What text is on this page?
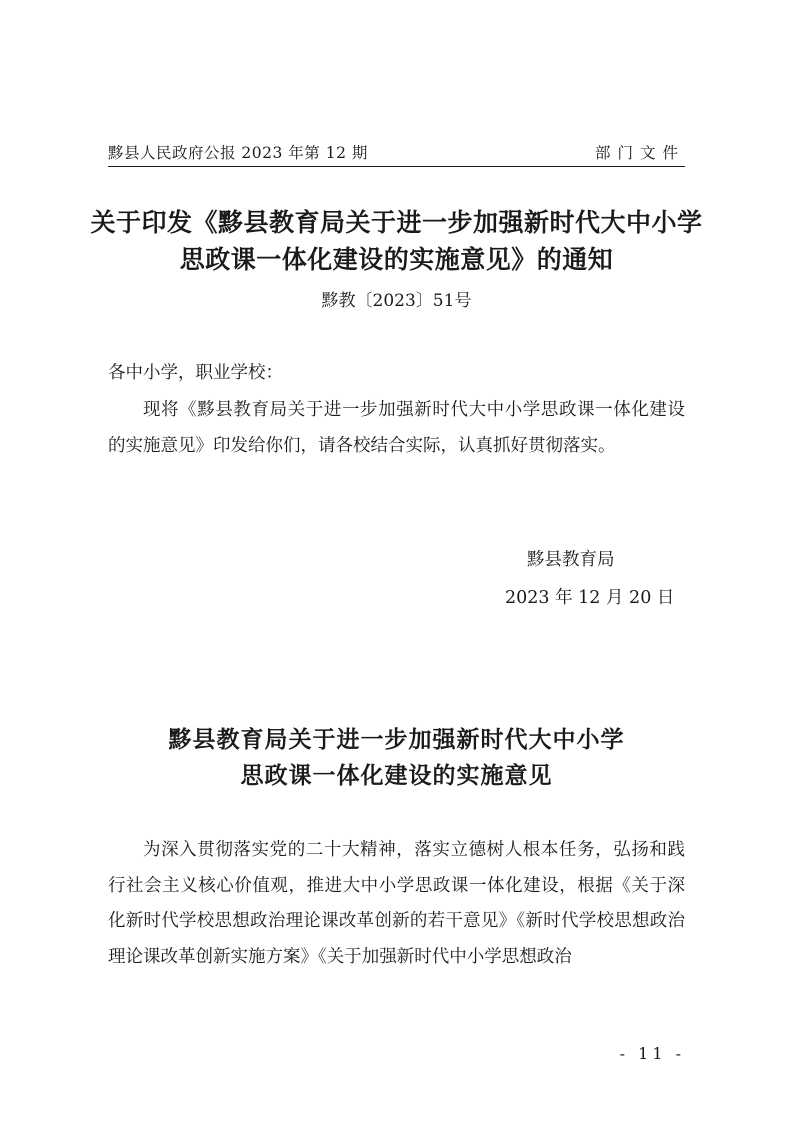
黟县人民政府公报 2023 年第 12 期	部门文件
关于印发《黟县教育局关于进一步加强新时代大中小学
思政课一体化建设的实施意见》的通知
黟教〔2023〕51号

各中小学，职业学校：

现将《黟县教育局关于进一步加强新时代大中小学思政课一体化建设的实施意见》印发给你们，请各校结合实际，认真抓好贯彻落实。

黟县教育局
2023 年 12 月 20 日
黟县教育局关于进一步加强新时代大中小学
思政课一体化建设的实施意见

为深入贯彻落实党的二十大精神，落实立德树人根本任务，弘扬和践行社会主义核心价值观，推进大中小学思政课一体化建设，根据《关于深化新时代学校思想政治理论课改革创新的若干意见》《新时代学校思想政治理论课改革创新实施方案》《关于加强新时代中小学思想政治

- 11 -
